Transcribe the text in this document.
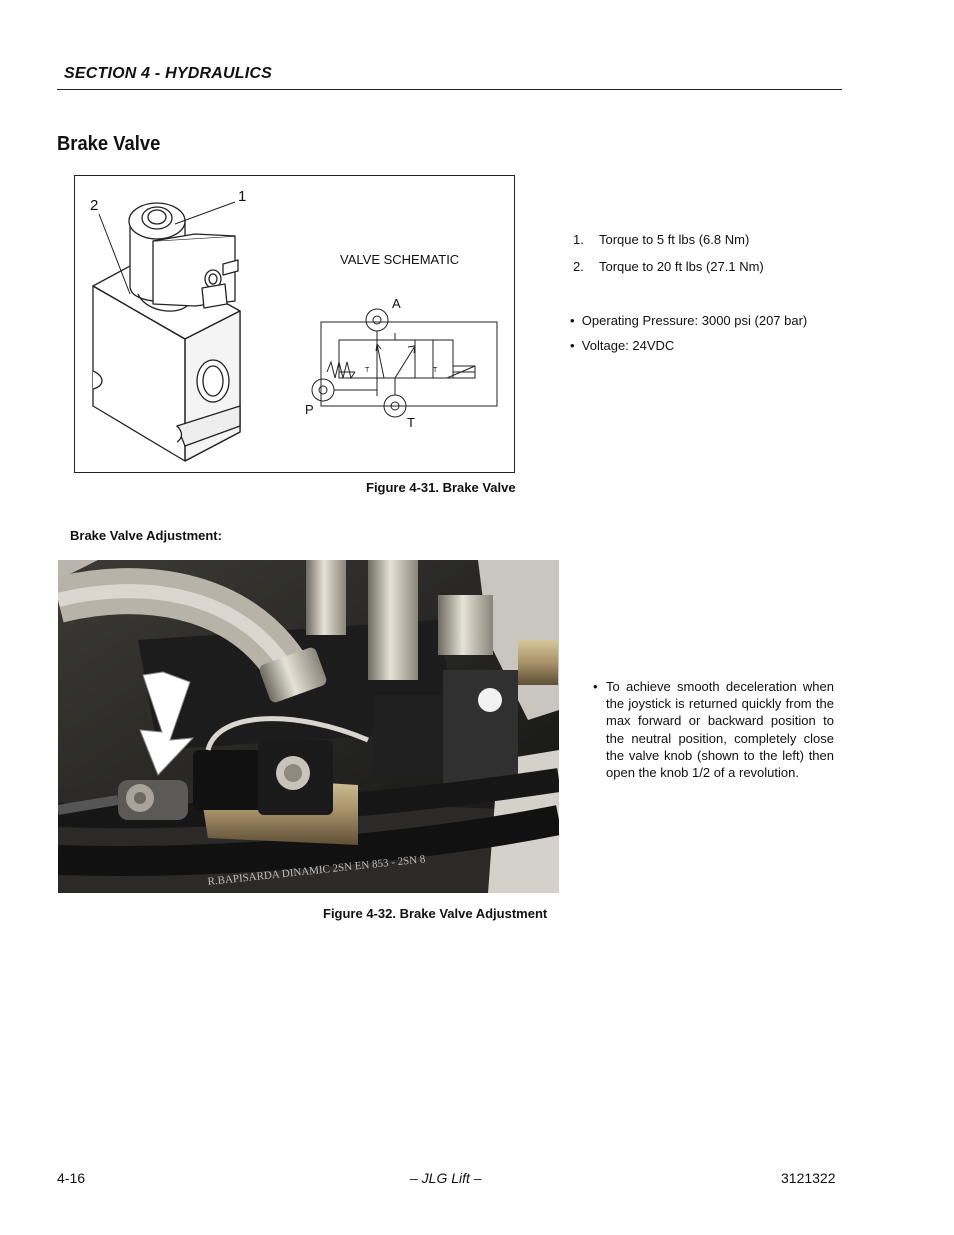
SECTION 4 - HYDRAULICS
Brake Valve
1
2
VALVE SCHEMATIC
A
P
T
T	T
Figure 4-31. Brake Valve
1. Torque to 5 ft lbs (6.8 Nm)
2. Torque to 20 ft lbs (27.1 Nm)
• Operating Pressure: 3000 psi (207 bar)
• Voltage: 24VDC
Brake Valve Adjustment:
R.BAPISARDA DINAMIC 2SN EN 853 - 2SN 8
Figure 4-32. Brake Valve Adjustment
• To achieve smooth deceleration when the joystick is returned quickly from the max forward or backward position to the neutral position, completely close the valve knob (shown to the left) then open the knob 1/2 of a revolution.
4-16	– JLG Lift –	3121322
